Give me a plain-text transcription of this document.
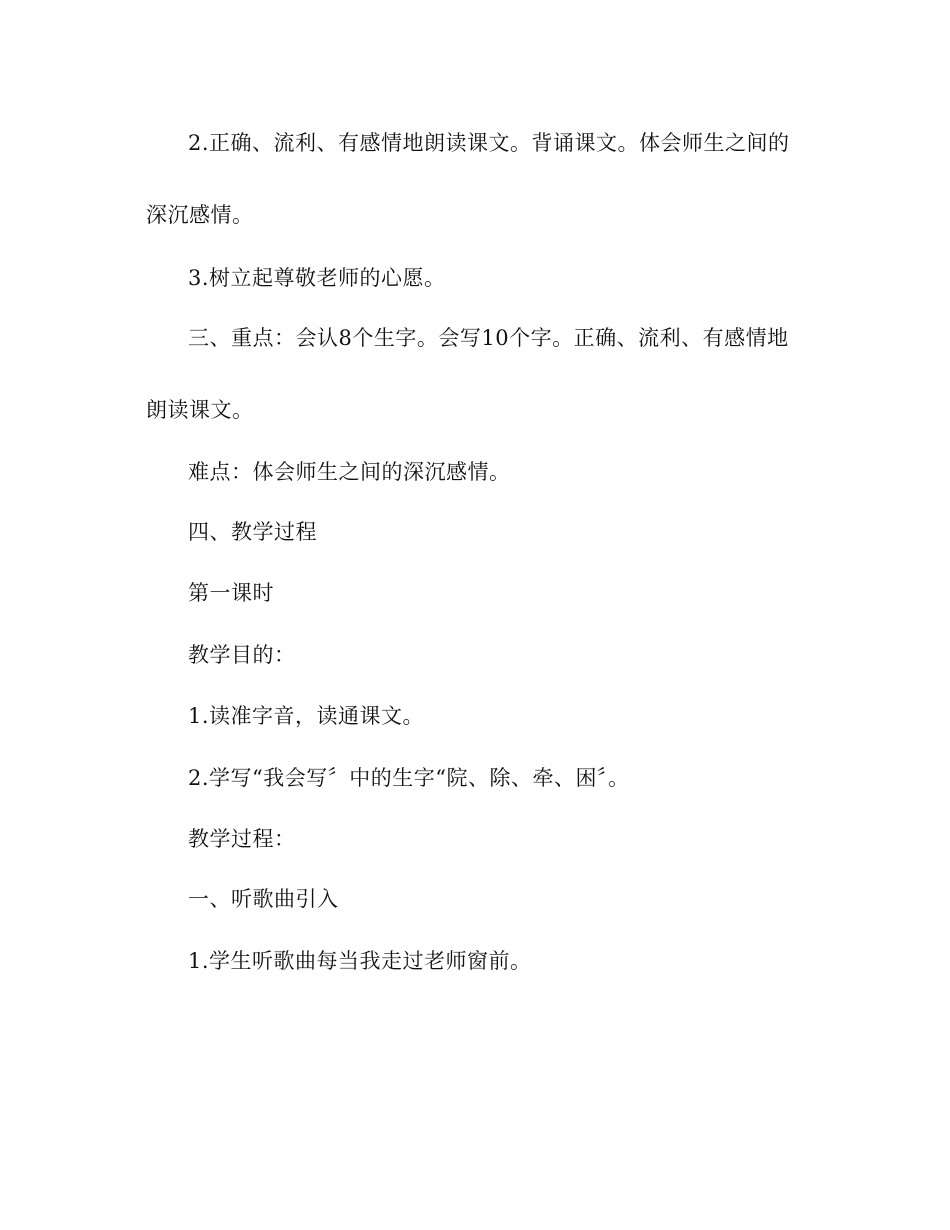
2.正确、流利、有感情地朗读课文。背诵课文。体会师生之间的
深沉感情。
3.树立起尊敬老师的心愿。
三、重点：会认8个生字。会写10个字。正确、流利、有感情地
朗读课文。
难点：体会师生之间的深沉感情。
四、教学过程
第一课时
教学目的：
1.读准字音，读通课文。
2.学写“我会写〞中的生字“院、除、牵、困〞。
教学过程：
一、听歌曲引入
1.学生听歌曲每当我走过老师窗前。
